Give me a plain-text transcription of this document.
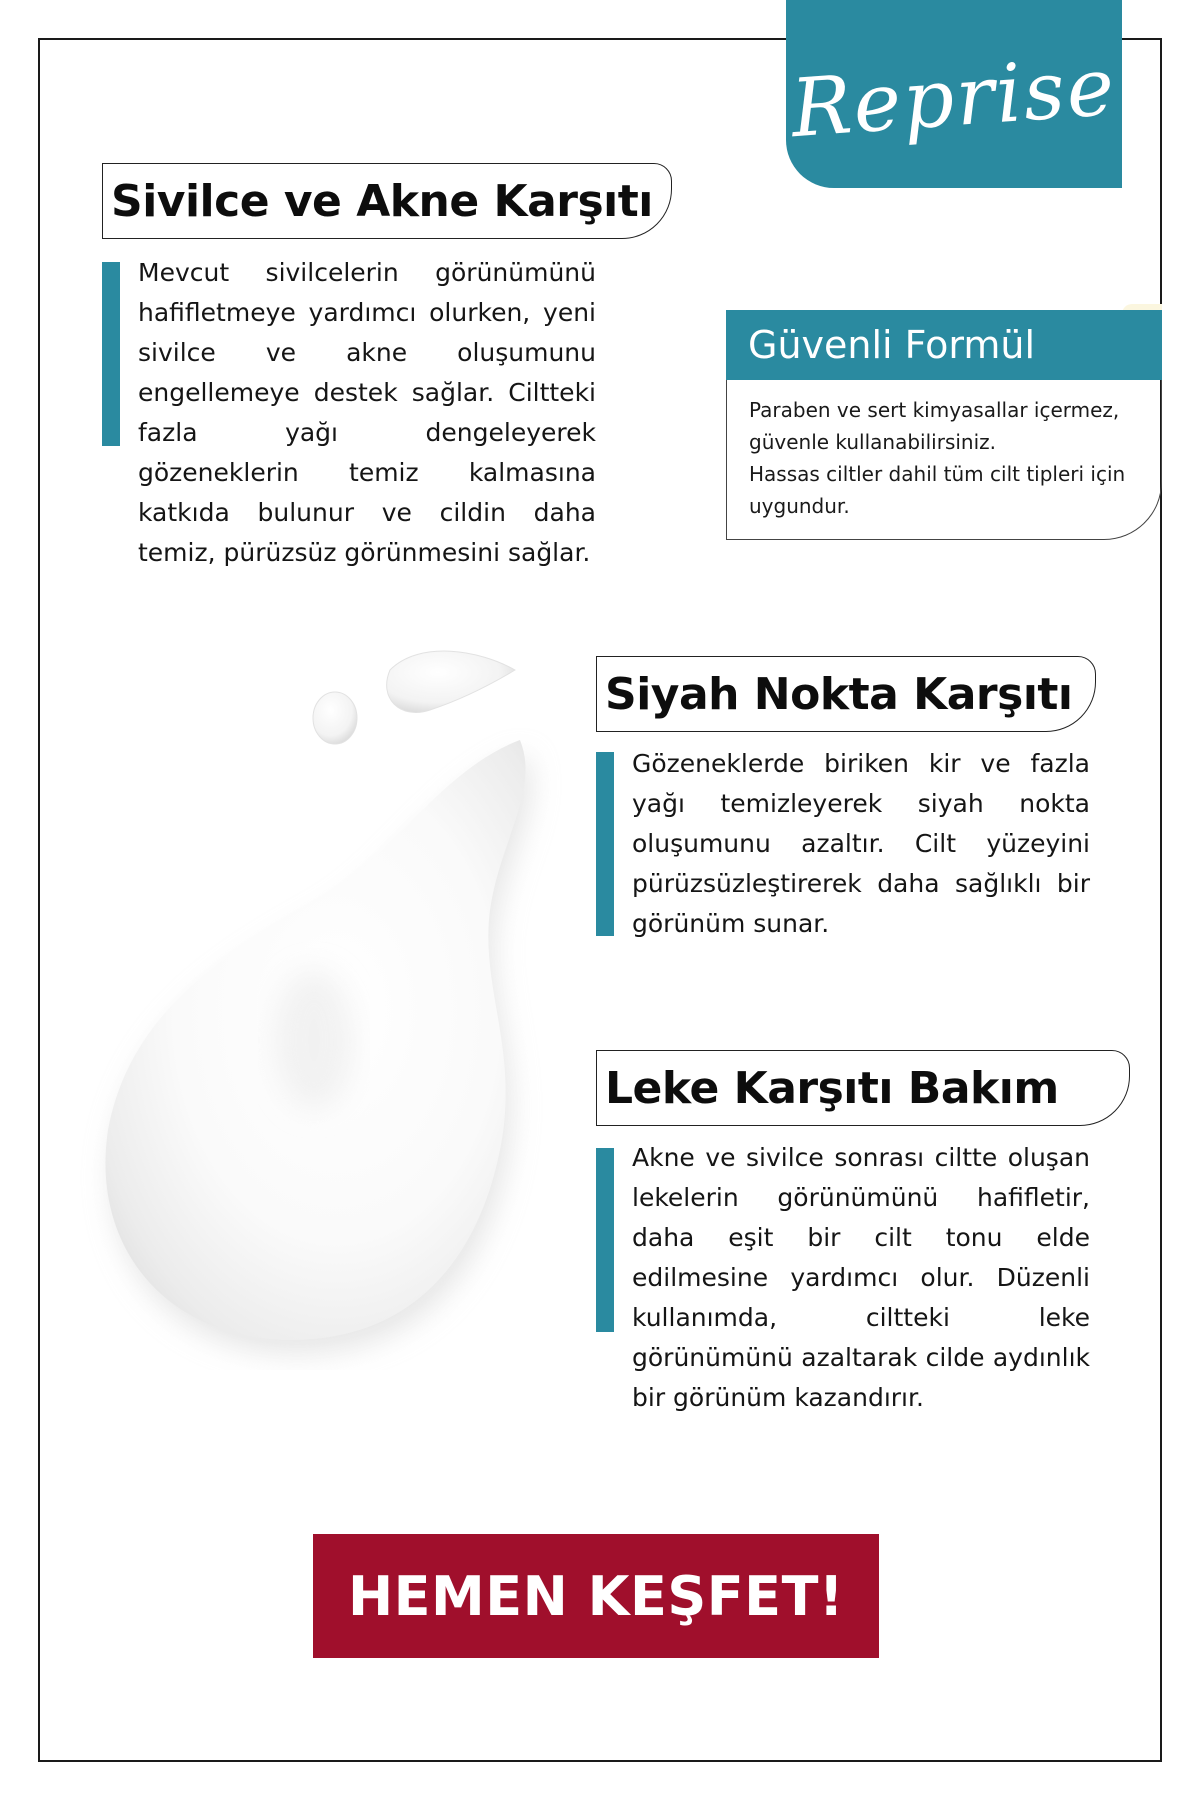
Reprise
Sivilce ve Akne Karşıtı
Mevcut sivilcelerin görünümünü hafifletmeye yardımcı olurken, yeni sivilce ve akne oluşumunu engellemeye destek sağlar. Ciltteki fazla yağı dengeleyerek gözeneklerin temiz kalmasına katkıda bulunur ve cildin daha temiz, pürüzsüz görünmesini sağlar.
Güvenli Formül

Paraben ve sert kimyasallar içermez, güvenle kullanabilirsiniz.

Hassas ciltler dahil tüm cilt tipleri için uygundur.

Siyah Nokta Karşıtı
Gözeneklerde biriken kir ve fazla yağı temizleyerek siyah nokta oluşumunu azaltır. Cilt yüzeyini pürüzsüzleştirerek daha sağlıklı bir görünüm sunar.
Leke Karşıtı Bakım
Akne ve sivilce sonrası ciltte oluşan lekelerin görünümünü hafifletir, daha eşit bir cilt tonu elde edilmesine yardımcı olur. Düzenli kullanımda, ciltteki leke görünümünü azaltarak cilde aydınlık bir görünüm kazandırır.
HEMEN KEŞFET!
